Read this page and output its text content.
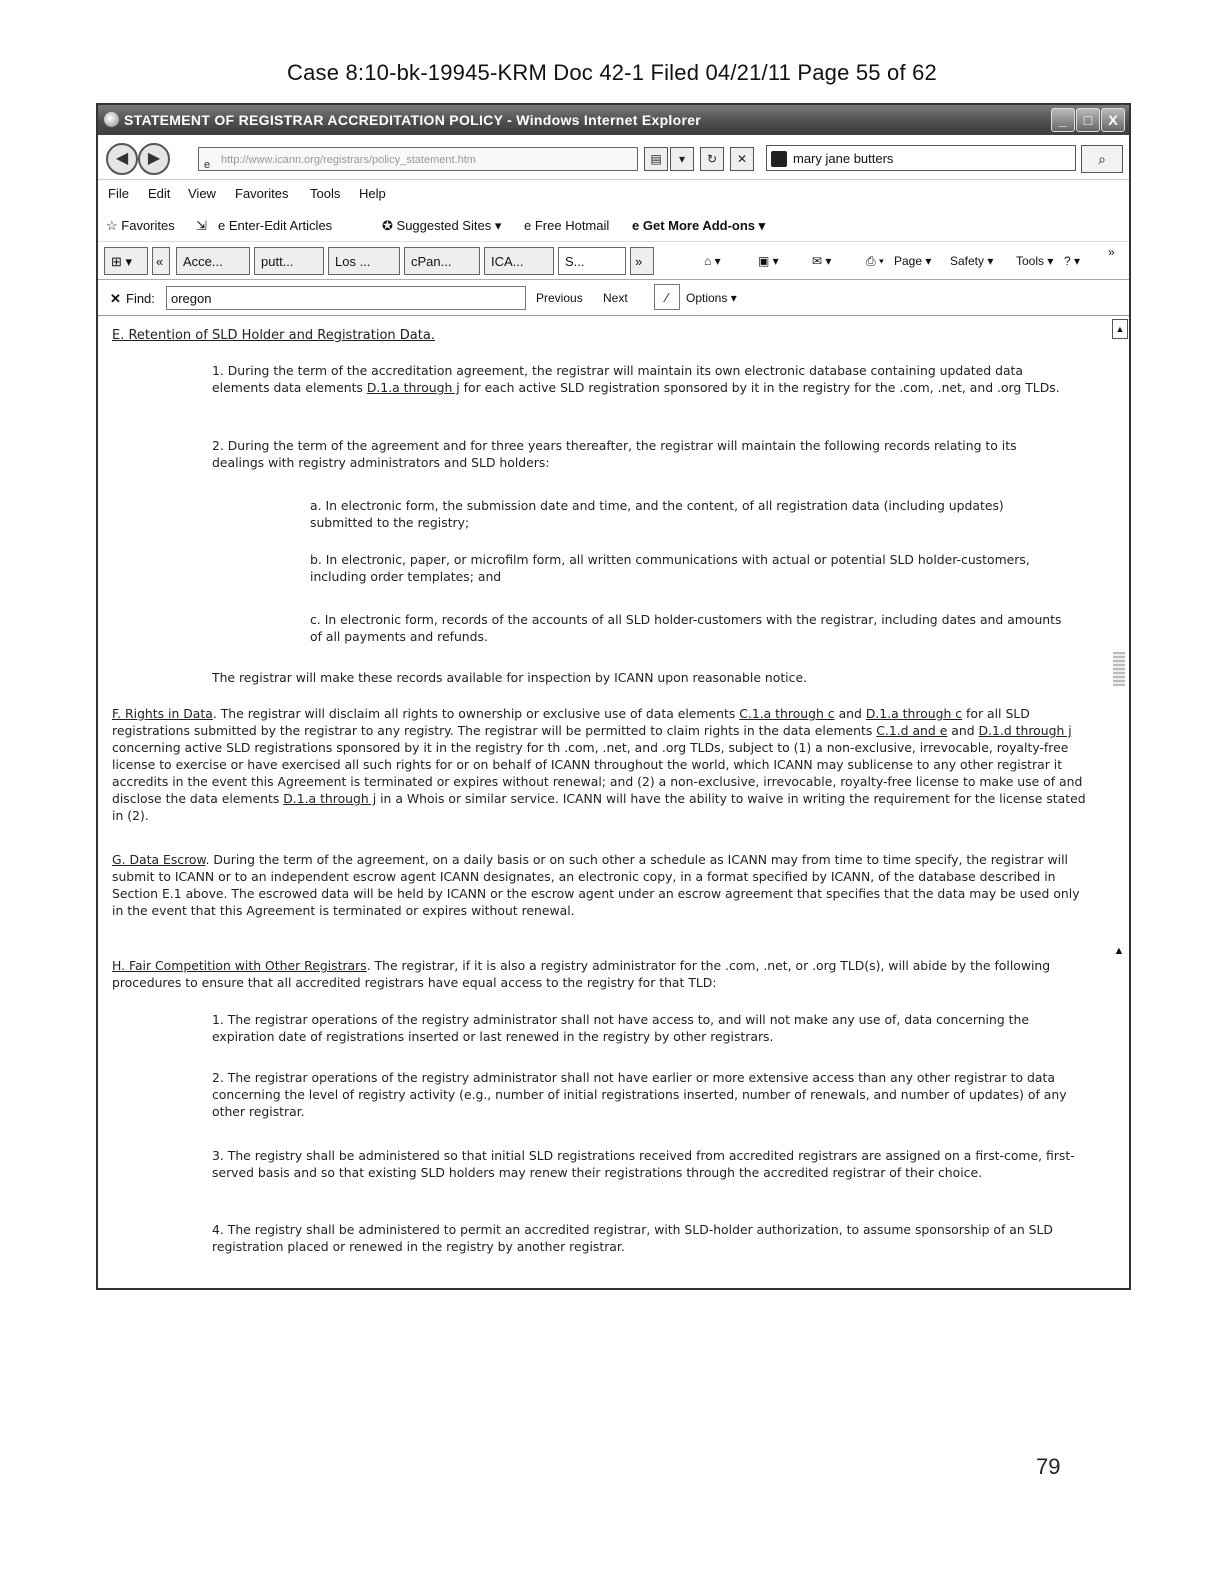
Case 8:10-bk-19945-KRM Doc 42-1 Filed 04/21/11 Page 55 of 62
STATEMENT OF REGISTRAR ACCREDITATION POLICY - Windows Internet Explorer	_	□	X
◀	▶	e http://www.icann.org/registrars/policy_statement.htm	▤	▾	↻	✕	mary jane butters	⌕
File Edit View Favorites Tools Help
☆ Favorites ⇲ e Enter-Edit Articles	✪ Suggested Sites ▾ e Free Hotmail e Get More Add-ons ▾
⊞ ▾	«	Acce...	putt...	Los ...	cPan...	ICA...	S...	»	⌂ ▾	▣ ▾	✉ ▾	⎙ ▾ Page ▾ Safety ▾ Tools ▾ ? ▾
»
✕ Find:	oregon	Previous Next	⁄	Options ▾

E. Retention of SLD Holder and Registration Data.

1. During the term of the accreditation agreement, the registrar will maintain its own electronic database containing updated data elements data elements D.1.a through j for each active SLD registration sponsored by it in the registry for the .com, .net, and .org TLDs.

2. During the term of the agreement and for three years thereafter, the registrar will maintain the following records relating to its dealings with registry administrators and SLD holders:

a. In electronic form, the submission date and time, and the content, of all registration data (including updates) submitted to the registry;

b. In electronic, paper, or microfilm form, all written communications with actual or potential SLD holder-customers, including order templates; and

c. In electronic form, records of the accounts of all SLD holder-customers with the registrar, including dates and amounts of all payments and refunds.

The registrar will make these records available for inspection by ICANN upon reasonable notice.

F. Rights in Data. The registrar will disclaim all rights to ownership or exclusive use of data elements C.1.a through c and D.1.a through c for all SLD registrations submitted by the registrar to any registry. The registrar will be permitted to claim rights in the data elements C.1.d and e and D.1.d through j concerning active SLD registrations sponsored by it in the registry for th .com, .net, and .org TLDs, subject to (1) a non-exclusive, irrevocable, royalty-free license to exercise or have exercised all such rights for or on behalf of ICANN throughout the world, which ICANN may sublicense to any other registrar it accredits in the event this Agreement is terminated or expires without renewal; and (2) a non-exclusive, irrevocable, royalty-free license to make use of and disclose the data elements D.1.a through j in a Whois or similar service. ICANN will have the ability to waive in writing the requirement for the license stated in (2).

G. Data Escrow. During the term of the agreement, on a daily basis or on such other a schedule as ICANN may from time to time specify, the registrar will submit to ICANN or to an independent escrow agent ICANN designates, an electronic copy, in a format specified by ICANN, of the database described in Section E.1 above. The escrowed data will be held by ICANN or the escrow agent under an escrow agreement that specifies that the data may be used only in the event that this Agreement is terminated or expires without renewal.

H. Fair Competition with Other Registrars. The registrar, if it is also a registry administrator for the .com, .net, or .org TLD(s), will abide by the following procedures to ensure that all accredited registrars have equal access to the registry for that TLD:

1. The registrar operations of the registry administrator shall not have access to, and will not make any use of, data concerning the expiration date of registrations inserted or last renewed in the registry by other registrars.

2. The registrar operations of the registry administrator shall not have earlier or more extensive access than any other registrar to data concerning the level of registry activity (e.g., number of initial registrations inserted, number of renewals, and number of updates) of any other registrar.

3. The registry shall be administered so that initial SLD registrations received from accredited registrars are assigned on a first-come, first-served basis and so that existing SLD holders may renew their registrations through the accredited registrar of their choice.

4. The registry shall be administered to permit an accredited registrar, with SLD-holder authorization, to assume sponsorship of an SLD registration placed or renewed in the registry by another registrar.

▲
▲
79
